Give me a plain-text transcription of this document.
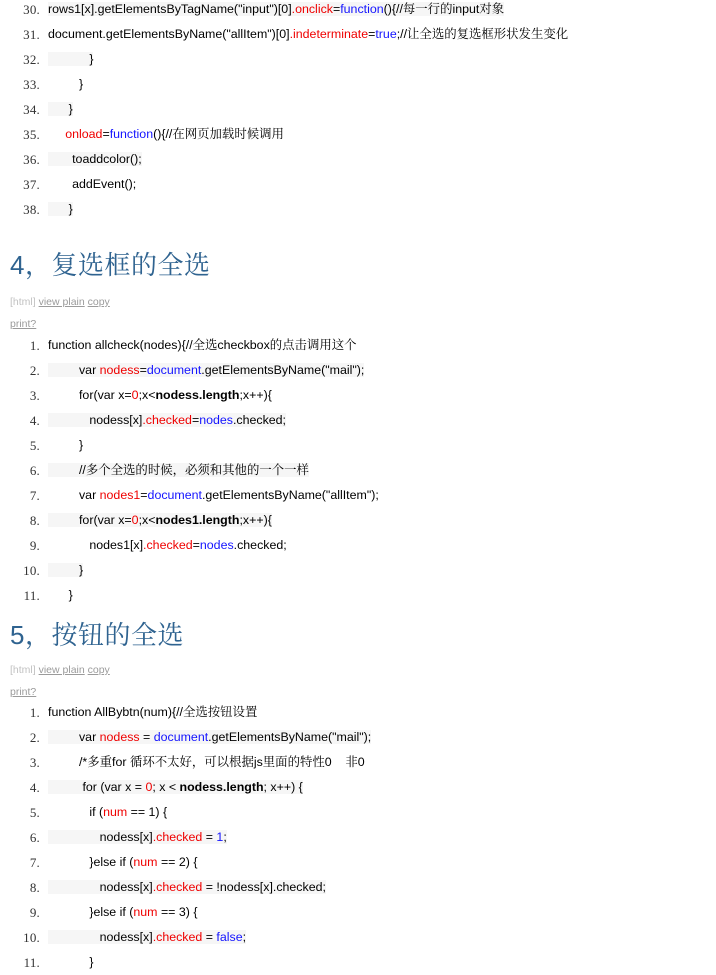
30. rows1[x].getElementsByTagName("input")[0].onclick=function(){//每一行的input对象
31. document.getElementsByName("allItem")[0].indeterminate=true;//让全选的复选框形状发生变化
32. }
33. }
34. }
35.	onload=function(){//在网页加载时候调用
36. toaddcolor();
37. addEvent();
38. }
4，复选框的全选
[html] view plain copy
print?
1. function allcheck(nodes){//全选checkbox的点击调用这个
2. var nodess=document.getElementsByName("mail");
3. for(var x=0;x<nodess.length;x++){
4. nodess[x].checked=nodes.checked;
5. }
6. //多个全选的时候，必须和其他的一个一样
7. var nodes1=document.getElementsByName("allItem");
8. for(var x=0;x<nodes1.length;x++){
9. nodes1[x].checked=nodes.checked;
10. }
11. }
5，按钮的全选
[html] view plain copy
print?
1. function AllBybtn(num){//全选按钮设置
2. var nodess = document.getElementsByName("mail");
3. /*多重for 循环不太好，可以根据js里面的特性0    非0
4. for (var x = 0; x < nodess.length; x++) {
5. if (num == 1) {
6. nodess[x].checked = 1;
7. }else if (num == 2) {
8. nodess[x].checked = !nodess[x].checked;
9. }else if (num == 3) {
10. nodess[x].checked = false;
11. }
